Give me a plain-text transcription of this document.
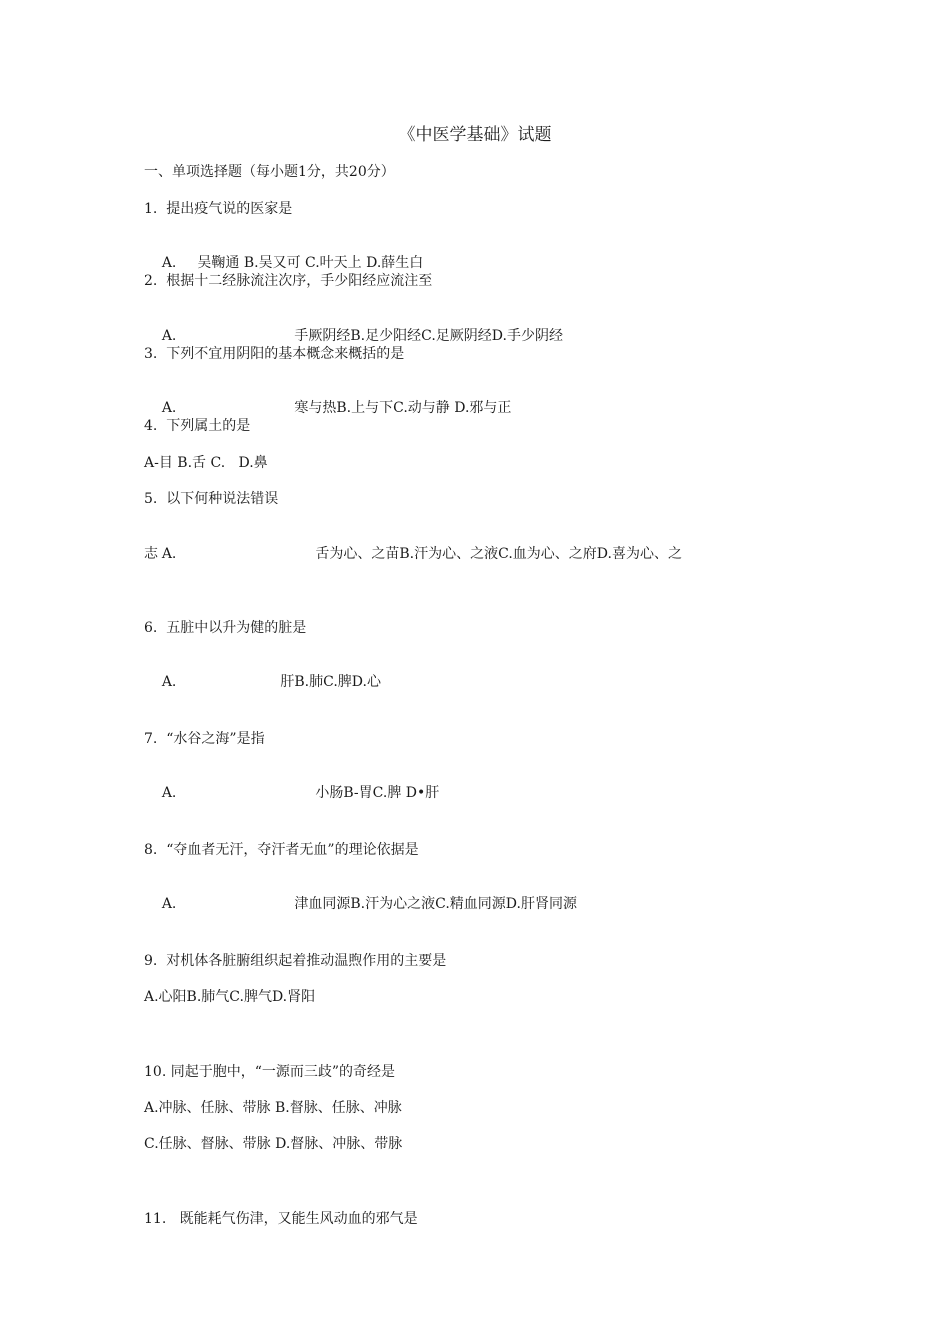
《中医学基础》试题
一、单项选择题（每小题1分，共20分）
1.  提出疫气说的医家是

A. 吴鞠通 B.吴又可 C.叶天上 D.薛生白

2.  根据十二经脉流注次序，手少阳经应流注至

A.	手厥阴经B.足少阳经C.足厥阴经D.手少阴经

3.  下列不宜用阴阳的基本概念来概括的是

A.	寒与热B.上与下C.动与静 D.邪与正

4.  下列属土的是
A-目 B.舌 C.   D.鼻
5.  以下何种说法错误

A.	舌为心、之苗B.汗为心、之液C.血为心、之府D.喜为心、之

志
6.  五脏中以升为健的脏是

A.	肝B.肺C.脾D.心

7.  “水谷之海”是指

A.	小肠B-胃C.脾 D•肝

8.  “夺血者无汗，夺汗者无血”的理论依据是

A.	津血同源B.汗为心之液C.精血同源D.肝肾同源

9.  对机体各脏腑组织起着推动温煦作用的主要是
A.心阳B.肺气C.脾气D.肾阳
10. 同起于胞中，“一源而三歧”的奇经是
A.冲脉、任脉、带脉 B.督脉、任脉、冲脉
C.任脉、督脉、带脉 D.督脉、冲脉、带脉
11.   既能耗气伤津，又能生风动血的邪气是
